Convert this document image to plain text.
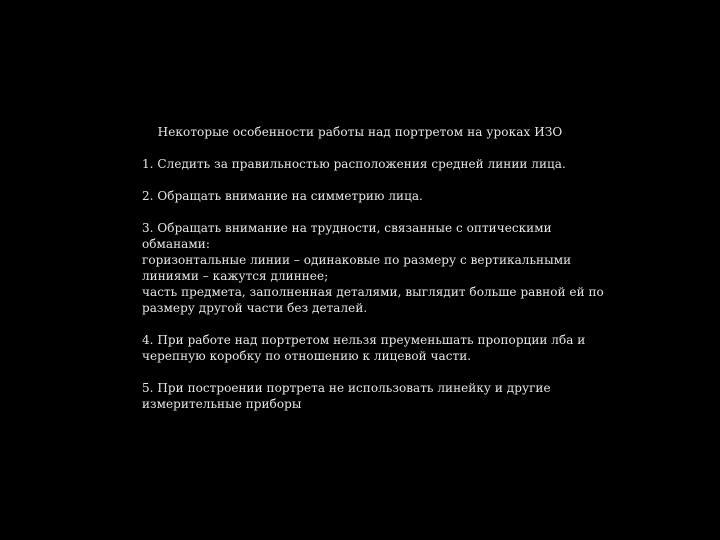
Некоторые особенности работы над портретом на уроках ИЗО
1. Следить за правильностью расположения средней линии лица.
2. Обращать внимание на симметрию лица.
3. Обращать внимание на трудности, связанные с оптическими
обманами:
горизонтальные линии – одинаковые по размеру с вертикальными
линиями – кажутся длиннее;
часть предмета, заполненная деталями, выглядит больше равной ей по
размеру другой части без деталей.
4. При работе над портретом нельзя преуменьшать пропорции лба и
черепную коробку по отношению к лицевой части.
5. При построении портрета не использовать линейку и другие
измерительные приборы
